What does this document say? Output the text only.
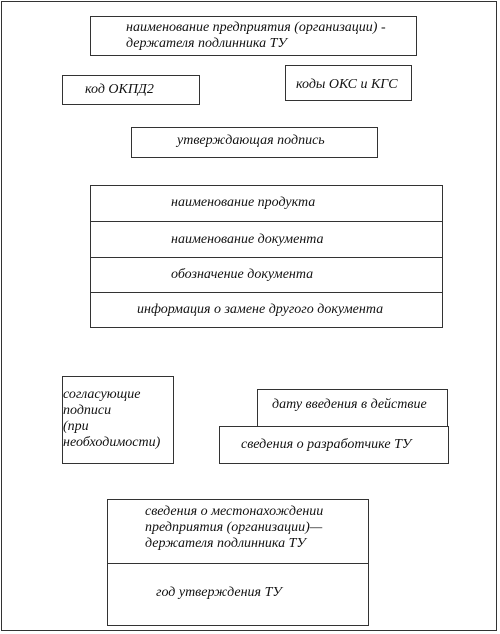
наименование предприятия (организации) -
держателя подлинника ТУ
код ОКПД2	коды ОКС и КГС
утверждающая подпись
наименование продукта
наименование документа
обозначение документа
информация о замене другого документа
согласующие
подписи
(при
необходимости)
дату введения в действие
сведения о разработчике ТУ
сведения о местонахождении
предприятия (организации)—
держателя подлинника ТУ
год утверждения ТУ
